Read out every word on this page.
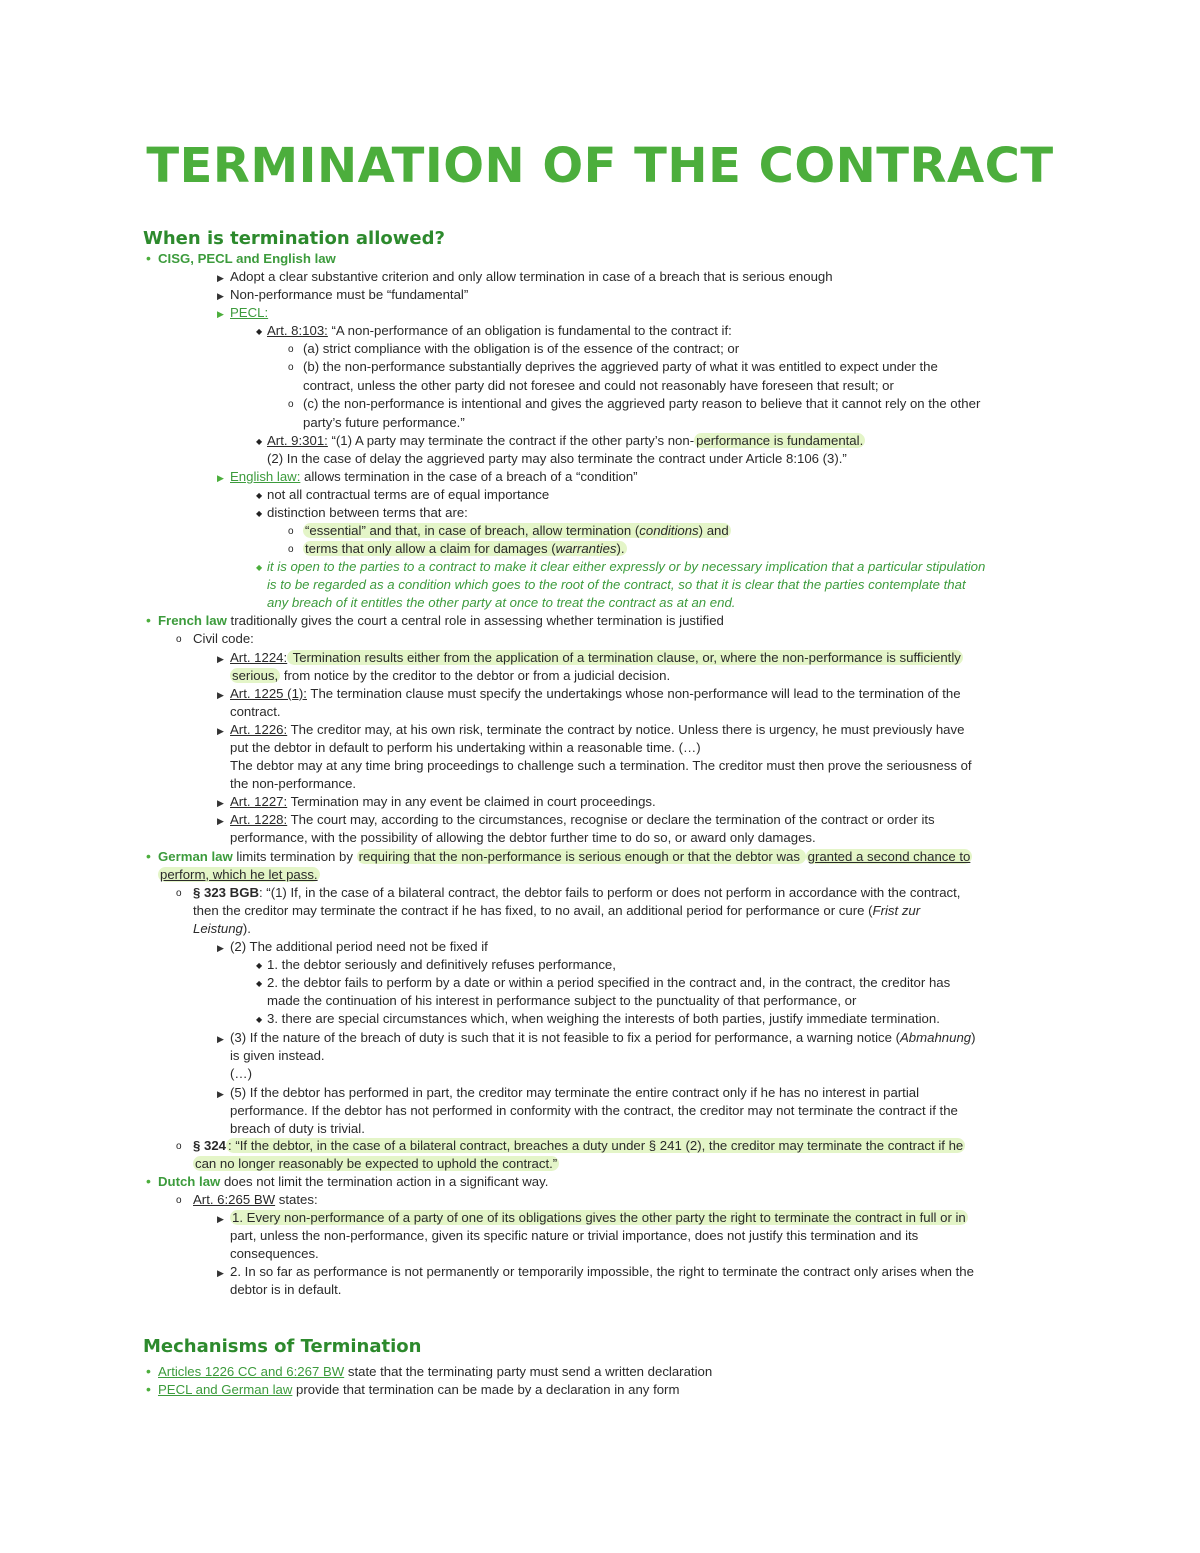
TERMINATION OF THE CONTRACT
When is termination allowed?
• CISG, PECL and English law
▶ Adopt a clear substantive criterion and only allow termination in case of a breach that is serious enough
▶ Non-performance must be “fundamental”
▶ PECL:
◆ Art. 8:103: “A non-performance of an obligation is fundamental to the contract if:
o (a) strict compliance with the obligation is of the essence of the contract; or
o (b) the non-performance substantially deprives the aggrieved party of what it was entitled to expect under the
contract, unless the other party did not foresee and could not reasonably have foreseen that result; or
o (c) the non-performance is intentional and gives the aggrieved party reason to believe that it cannot rely on the other
party’s future performance.”
◆ Art. 9:301: “(1) A party may terminate the contract if the other party’s non- performance is fundamental.
(2) In the case of delay the aggrieved party may also terminate the contract under Article 8:106 (3).”
▶ English law: allows termination in the case of a breach of a “condition”
◆ not all contractual terms are of equal importance
◆ distinction between terms that are:
o “essential” and that, in case of breach, allow termination (conditions) and
o terms that only allow a claim for damages (warranties).
◆ it is open to the parties to a contract to make it clear either expressly or by necessary implication that a particular stipulation
is to be regarded as a condition which goes to the root of the contract, so that it is clear that the parties contemplate that
any breach of it entitles the other party at once to treat the contract as at an end.
• French law traditionally gives the court a central role in assessing whether termination is justified
o Civil code:
▶ Art. 1224: Termination results either from the application of a termination clause, or, where the non-performance is sufficiently
serious, from notice by the creditor to the debtor or from a judicial decision.
▶ Art. 1225 (1): The termination clause must specify the undertakings whose non-performance will lead to the termination of the
contract.
▶ Art. 1226: The creditor may, at his own risk, terminate the contract by notice. Unless there is urgency, he must previously have
put the debtor in default to perform his undertaking within a reasonable time. (…)
The debtor may at any time bring proceedings to challenge such a termination. The creditor must then prove the seriousness of
the non-performance.
▶ Art. 1227: Termination may in any event be claimed in court proceedings.
▶ Art. 1228: The court may, according to the circumstances, recognise or declare the termination of the contract or order its
performance, with the possibility of allowing the debtor further time to do so, or award only damages.
• German law limits termination by requiring that the non-performance is serious enough or that the debtor was granted a second chance to
perform, which he let pass.
o § 323 BGB: “(1) If, in the case of a bilateral contract, the debtor fails to perform or does not perform in accordance with the contract,
then the creditor may terminate the contract if he has fixed, to no avail, an additional period for performance or cure (Frist zur
Leistung).
▶ (2) The additional period need not be fixed if
◆ 1. the debtor seriously and definitively refuses performance,
◆ 2. the debtor fails to perform by a date or within a period specified in the contract and, in the contract, the creditor has
made the continuation of his interest in performance subject to the punctuality of that performance, or
◆ 3. there are special circumstances which, when weighing the interests of both parties, justify immediate termination.
▶ (3) If the nature of the breach of duty is such that it is not feasible to fix a period for performance, a warning notice (Abmahnung)
is given instead.
(…)
▶ (5) If the debtor has performed in part, the creditor may terminate the entire contract only if he has no interest in partial
performance. If the debtor has not performed in conformity with the contract, the creditor may not terminate the contract if the
breach of duty is trivial.
o § 324 : “If the debtor, in the case of a bilateral contract, breaches a duty under § 241 (2), the creditor may terminate the contract if he
can no longer reasonably be expected to uphold the contract.”
• Dutch law does not limit the termination action in a significant way.
o Art. 6:265 BW states:
▶ 1. Every non-performance of a party of one of its obligations gives the other party the right to terminate the contract in full or in
part, unless the non-performance, given its specific nature or trivial importance, does not justify this termination and its
consequences.
▶ 2. In so far as performance is not permanently or temporarily impossible, the right to terminate the contract only arises when the
debtor is in default.
Mechanisms of Termination
• Articles 1226 CC and 6:267 BW state that the terminating party must send a written declaration
• PECL and German law provide that termination can be made by a declaration in any form
